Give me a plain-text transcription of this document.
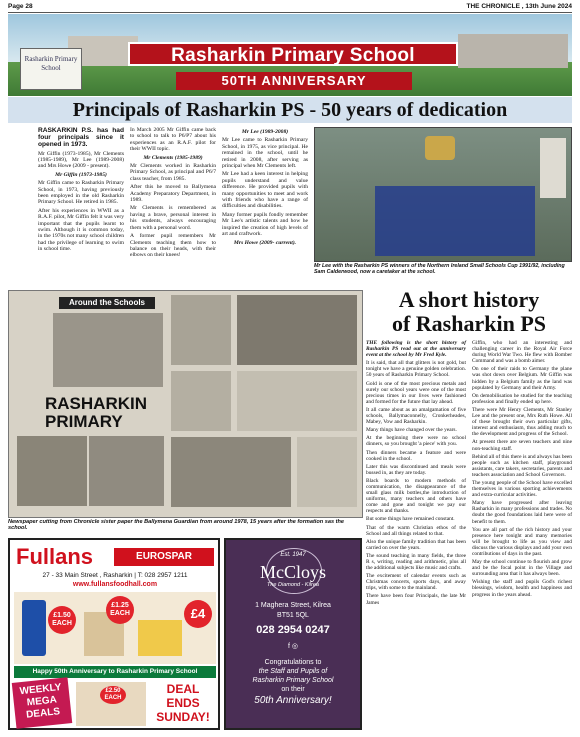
Page 28	THE CHRONICLE , 13th June 2024
Rasharkin Primary School
Rasharkin Primary School
50TH ANNIVERSARY
Principals of Rasharkin PS - 50 years of dedication

RASKARKIN P.S. has had four principals since it opened in 1973.

Mr Giffin (1973-1985), Mr Clements (1985-1989), Mr Lee (1989-2008) and Mrs Howe (2009 - present).

Mr Giffin (1973-1985)

Mr Giffin came to Rasharkin Primary School, in 1973, having previously been employed in the old Rasharkin Primary School. He retired in 1985.

After his experiences in WWII as a R.A.F. pilot, Mr Giffin felt it was very important that the pupils learnt to swim. Although it is common today, in the 1970s not many school children had the privilege of learning to swim in school time.

In March 2005 Mr Giffin came back to school to talk to P6/P7 about his experiences as an R.A.F. pilot for their WWII topic.

Mr Clements (1985-1989)

Mr Clements worked in Rasharkin Primary School, as principal and P6/7 class teacher, from 1985.

After this he moved to Ballymena Academy Preparatory Department, in 1989.

Mr Clements is remembered as having a brave, personal interest in his students, always encouraging them with a personal word.

A former pupil remembers Mr Clements teaching them how to balance on their heads, with their elbows on their knees!

Mr Lee (1989-2008)

Mr Lee came to Rasharkin Primary School, in 1975, as vice principal. He remained in the school, until he retired in 2008, after serving as principal when Mr Clements left.

Mr Lee had a keen interest in helping pupils understand and value difference. He provided pupils with many opportunities to meet and work with friends who have a range of difficulties and disabilities.

Many former pupils fondly remember Mr Lee's artistic talents and how he inspired the creation of high levels of art and craftwork.

Mrs Howe (2009- current).

Mr Lee with the Rasharkin PS winners of the Northern Ireland Small Schools Cup 1991/92, including Sam Calderwood, now a caretaker at the school.
Around the Schools
RASHARKIN
PRIMARY
Newspaper cutting from Chronicle sister paper the Ballymena Guardian from around 1978, 15 years after the formation sas the school.
A short history
of Rasharkin PS

THE following is the short history of Rasharkin PS read out at the anniversary event at the school by Mr Fred Kyle.

It is said, that all that glitters is not gold, but tonight we have a genuine golden celebration. 50 years of Rasharkin Primary School.

Gold is one of the most precious metals and surely our school years were one of the most precious times in our lives were fashioned and formed for the future that lay ahead.

It all came about as an amalgamation of five schools, Ballymaconnelly, Cronkerheades, Mabey, Vow and Rasharkin.

Many things have changed over the years.

At the beginning there were no school dinners, so you brought 'a piece' with you.

Then dinners became a feature and were cooked in the school.

Later this was discontinued and meals were bussed in, as they are today.

Black boards to modern methods of communication, the disappearance of the small glass milk bottles,the introduction of uniforms, many teachers and others have come and gone and tonight we pay our respects and thanks.

But some things have remained constant.

That of the warm Christian ethos of the School and all things related to that.

Also the unique family tradition that has been carried on over the years.

The sound teaching in many fields, the three R s, writing, reading and arithmetic, plus all the additional subjects like music and crafts.

The excitement of calendar events such as Christmas concerts, sports days, and away trips, with some to the mainland.

There have been four Principals, the late Mr James

Giffin, who had an interesting and challenging career in the Royal Air Force during World War Two. He flew with Bomber Command and was a bomb aimer.

On one of their raids to Germany the plane was shot down over Belgium. Mr Giffin was hidden by a Belgium family as the land was populated by Germany and their Army.

On demobilisation he studied for the teaching profession and finally ended up here.

There were Mr Henry Clements, Mr Stanley Lee and the present one, Mrs Ruth Howe. All of these brought their own particular gifts, interest and enthusiasm, thus adding much to the development and progress of the School.

At present there are seven teachers and nine non-teaching staff.

Behind all of this there is and always has been people such as kitchen staff, playground assistants, care takers, secretaries, parents and teachers association and School Governors.

The young people of the School have excelled themselves in various sporting achievements and extra-curricular activities.

Many have progressed after leaving Rasharkin in many professions and trades. No doubt the good foundations laid here were of benefit to them.

You are all part of the rich history and your presence here tonight and many memories will be brought to life as you view and discuss the various displays and add your own contributions of days in the past.

May the school continue to flourish and grow and be the focal point in the Village and surrounding area that it has always been.

Wishing the staff and pupils God's richest blessings, wisdom, health and happiness and progress in the years ahead.

Fullans	EUROSPAR
27 - 33 Main Street , Rasharkin | T: 028 2957 1211
www.fullansfoodhall.com
£1.50
EACH
£1.25
EACH	£4
Happy 50th Anniversary to Rasharkin Primary School
WEEKLY
MEGA
DEALS
£2.50
EACH
DEAL
ENDS
SUNDAY!
Est. 1947
McCloys
The Diamond - Kilrea
1 Maghera Street, Kilrea
BT51 5QL
028 2954 0247
f ◎
Congratulations to
the Staff and Pupils of
Rasharkin Primary School
on their
50th Anniversary!
